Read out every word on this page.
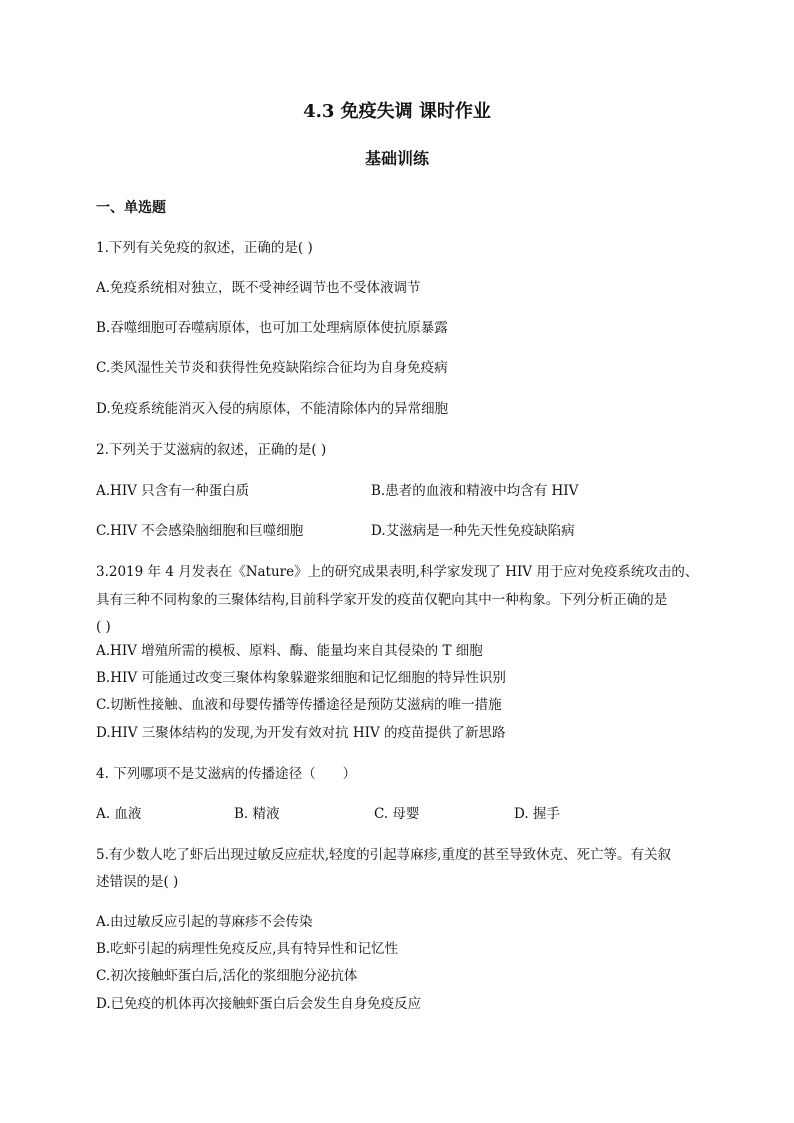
4.3 免疫失调 课时作业
基础训练
一、单选题
1.下列有关免疫的叙述，正确的是( )
A.免疫系统相对独立，既不受神经调节也不受体液调节
B.吞噬细胞可吞噬病原体，也可加工处理病原体使抗原暴露
C.类风湿性关节炎和获得性免疫缺陷综合征均为自身免疫病
D.免疫系统能消灭入侵的病原体，不能清除体内的异常细胞
2.下列关于艾滋病的叙述，正确的是( )
A.HIV 只含有一种蛋白质	B.患者的血液和精液中均含有 HIV
C.HIV 不会感染脑细胞和巨噬细胞	D.艾滋病是一种先天性免疫缺陷病
3.2019 年 4 月发表在《Nature》上的研究成果表明,科学家发现了 HIV 用于应对免疫系统攻击的、
具有三种不同构象的三聚体结构,目前科学家开发的疫苗仅靶向其中一种构象。下列分析正确的是
( )
A.HIV 增殖所需的模板、原料、酶、能量均来自其侵染的 T 细胞
B.HIV 可能通过改变三聚体构象躲避浆细胞和记忆细胞的特异性识别
C.切断性接触、血液和母婴传播等传播途径是预防艾滋病的唯一措施
D.HIV 三聚体结构的发现,为开发有效对抗 HIV 的疫苗提供了新思路
4. 下列哪项不是艾滋病的传播途径（　　）
A. 血液	B. 精液	C. 母婴	D. 握手
5.有少数人吃了虾后出现过敏反应症状,轻度的引起荨麻疹,重度的甚至导致休克、死亡等。有关叙
述错误的是( )
A.由过敏反应引起的荨麻疹不会传染
B.吃虾引起的病理性免疫反应,具有特异性和记忆性
C.初次接触虾蛋白后,活化的浆细胞分泌抗体
D.已免疫的机体再次接触虾蛋白后会发生自身免疫反应
